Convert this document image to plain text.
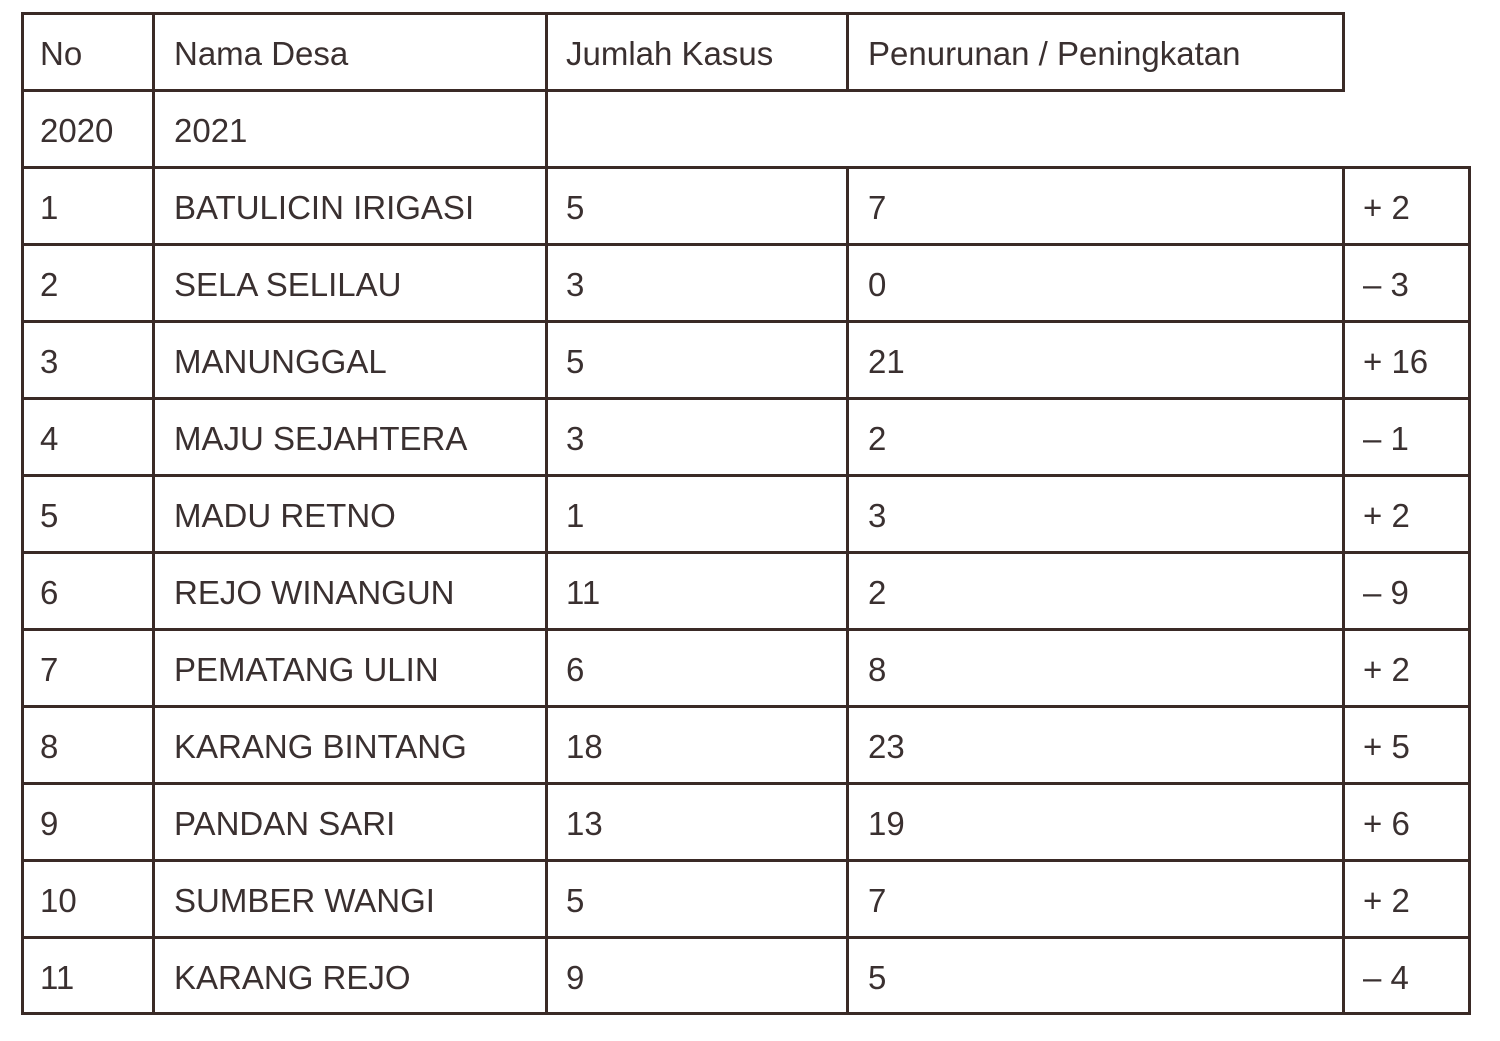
No	Nama Desa	Jumlah Kasus	Penurunan / Peningkatan
2020 2021
1	BATULICIN IRIGASI	5	7	+ 2
2	SELA SELILAU	3	0	– 3
3	MANUNGGAL	5	21	+ 16
4	MAJU SEJAHTERA	3	2	– 1
5	MADU RETNO	1	3	+ 2
6	REJO WINANGUN	11	2	– 9
7	PEMATANG ULIN	6	8	+ 2
8	KARANG BINTANG	18	23	+ 5
9	PANDAN SARI	13	19	+ 6
10	SUMBER WANGI	5	7	+ 2
11	KARANG REJO	9	5	– 4
